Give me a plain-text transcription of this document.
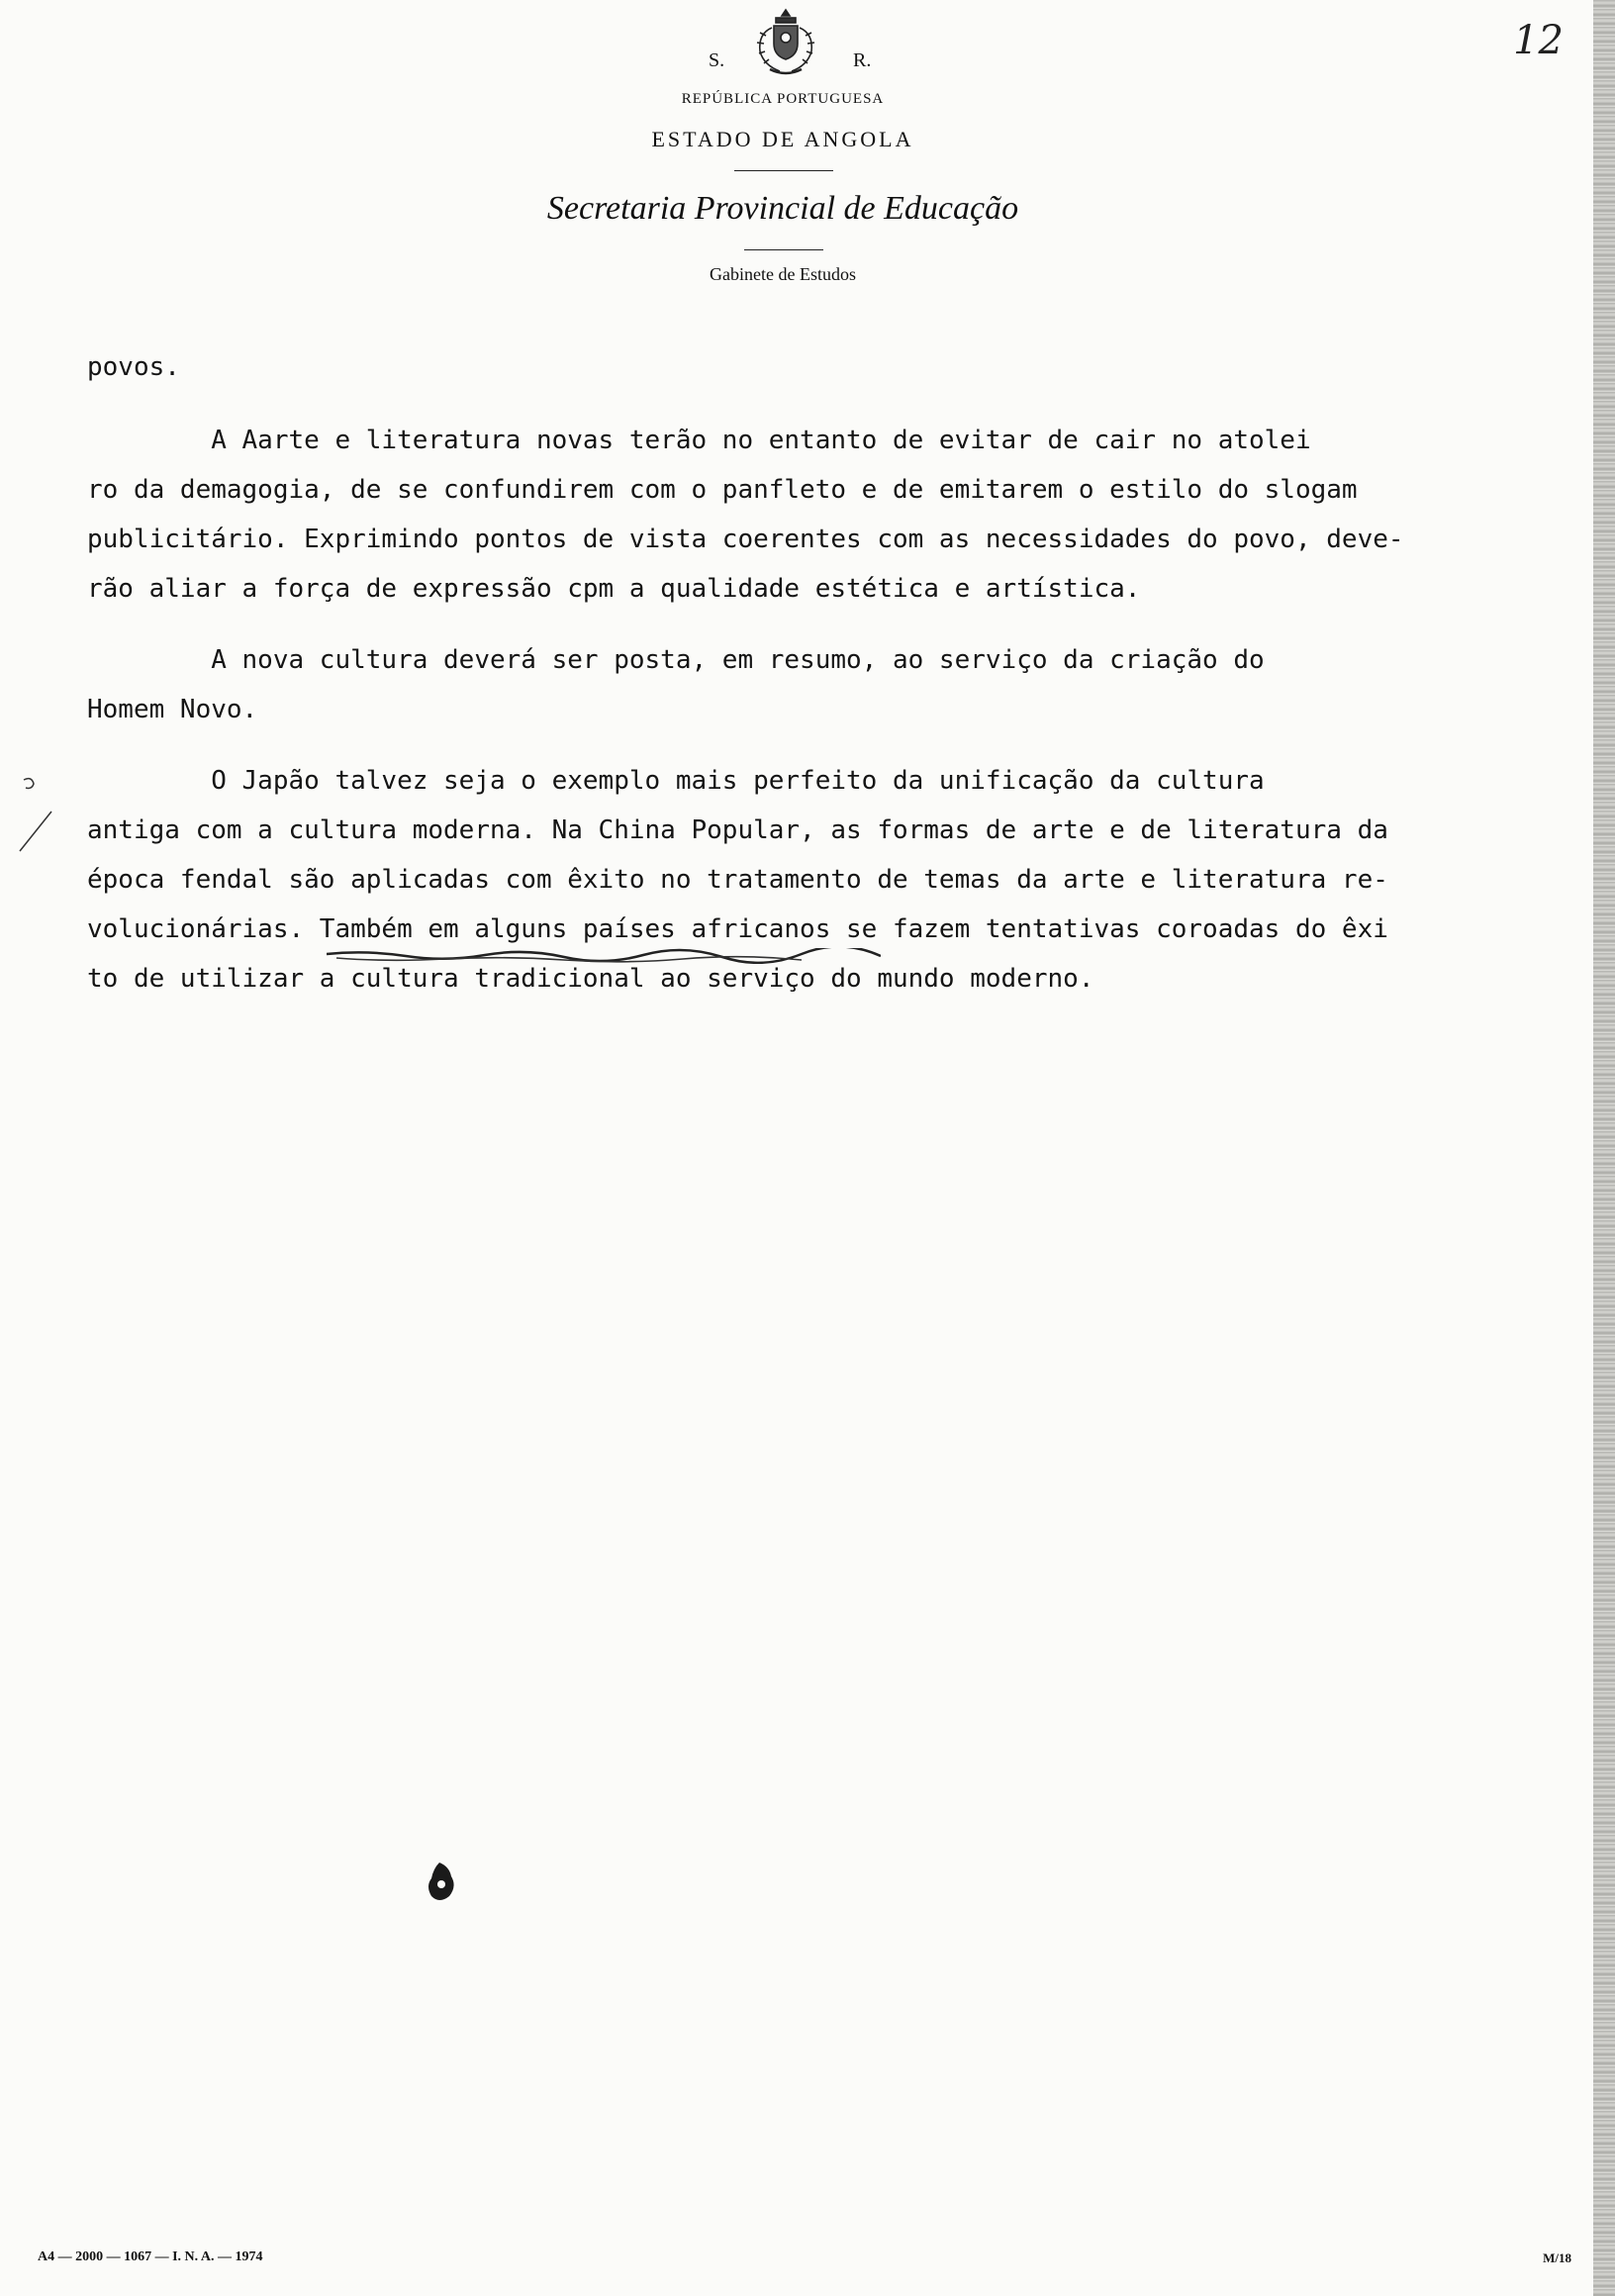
12
S.	R.
REPÚBLICA PORTUGUESA
ESTADO DE ANGOLA
Secretaria Provincial de Educação
Gabinete de Estudos
povos.
A Aarte e literatura novas terão no entanto de evitar de cair no atolei
ro da demagogia, de se confundirem com o panfleto e de emitarem o estilo do slogam
publicitário. Exprimindo pontos de vista coerentes com as necessidades do povo, deve-
rão aliar a força de expressão cpm a qualidade estética e artística.
A nova cultura deverá ser posta, em resumo, ao serviço da criação do
Homem Novo.
O Japão talvez seja o exemplo mais perfeito da unificação da cultura
antiga com a cultura moderna. Na China Popular, as formas de arte e de literatura da
época fendal são aplicadas com êxito no tratamento de temas da arte e literatura re-
volucionárias. Também em alguns países africanos se fazem tentativas coroadas do êxi
to de utilizar a cultura tradicional ao serviço do mundo moderno.
A4 — 2000 — 1067 — I. N. A. — 1974	M/18
